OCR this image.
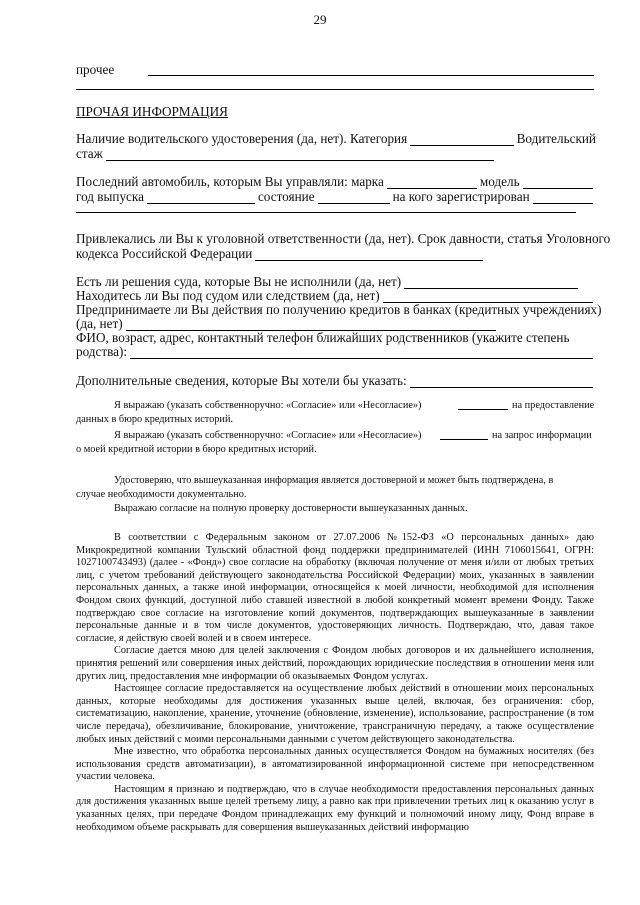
29
прочее
ПРОЧАЯ ИНФОРМАЦИЯ
Наличие водительского удостоверения (да, нет). Категория	Водительский
стаж
Последний автомобиль, которым Вы управляли: марка	модель
год выпуска	состояние	на кого зарегистрирован
Привлекались ли Вы к уголовной ответственности (да, нет). Срок давности, статья Уголовного
кодекса Российской Федерации
Есть ли решения суда, которые Вы не исполнили (да, нет)
Находитесь ли Вы под судом или следствием (да, нет)
Предпринимаете ли Вы действия по получению кредитов в банках (кредитных учреждениях)
(да, нет)
ФИО, возраст, адрес, контактный телефон ближайших родственников (укажите степень
родства):
Дополнительные сведения, которые Вы хотели бы указать:
Я выражаю (указать собственноручно: «Согласие» или «Несогласие»)	на предоставление
данных в бюро кредитных историй.
Я выражаю (указать собственноручно: «Согласие» или «Несогласие»)	на запрос информации
о моей кредитной истории в бюро кредитных историй.
Удостоверяю, что вышеуказанная информация является достоверной и может быть подтверждена, в
случае необходимости документально.
Выражаю согласие на полную проверку достоверности вышеуказанных данных.

В соответствии с Федеральным законом от 27.07.2006 №152-ФЗ «О персональных данных» даю Микрокредитной компании Тульский областной фонд поддержки предпринимателей (ИНН 7106015641, ОГРН: 1027100743493) (далее - «Фонд») свое согласие на обработку (включая получение от меня и/или от любых третьих лиц, с учетом требований действующего законодательства Российской Федерации) моих, указанных в заявлении персональных данных, а также иной информации, относящейся к моей личности, необходимой для исполнения Фондом своих функций, доступной либо ставшей известной в любой конкретный момент времени Фонду. Также подтверждаю свое согласие на изготовление копий документов, подтверждающих вышеуказанные в заявлении персональные данные и в том числе документов, удостоверяющих личность. Подтверждаю, что, давая такое согласие, я действую своей волей и в своем интересе.

Согласие дается мною для целей заключения с Фондом любых договоров и их дальнейшего исполнения, принятия решений или совершения иных действий, порождающих юридические последствия в отношении меня или других лиц, предоставления мне информации об оказываемых Фондом услугах.

Настоящее согласие предоставляется на осуществление любых действий в отношении моих персональных данных, которые необходимы для достижения указанных выше целей, включая, без ограничения: сбор, систематизацию, накопление, хранение, уточнение (обновление, изменение), использование, распространение (в том числе передача), обезличивание, блокирование, уничтожение, трансграничную передачу, а также осуществление любых иных действий с моими персональными данными с учетом действующего законодательства.

Мне известно, что обработка персональных данных осуществляется Фондом на бумажных носителях (без использования средств автоматизации), в автоматизированной информационной системе при непосредственном участии человека.

Настоящим я признаю и подтверждаю, что в случае необходимости предоставления персональных данных для достижения указанных выше целей третьему лицу, а равно как при привлечении третьих лиц к оказанию услуг в указанных целях, при передаче Фондом принадлежащих ему функций и полномочий иному лицу, Фонд вправе в необходимом объеме раскрывать для совершения вышеуказанных действий информацию
